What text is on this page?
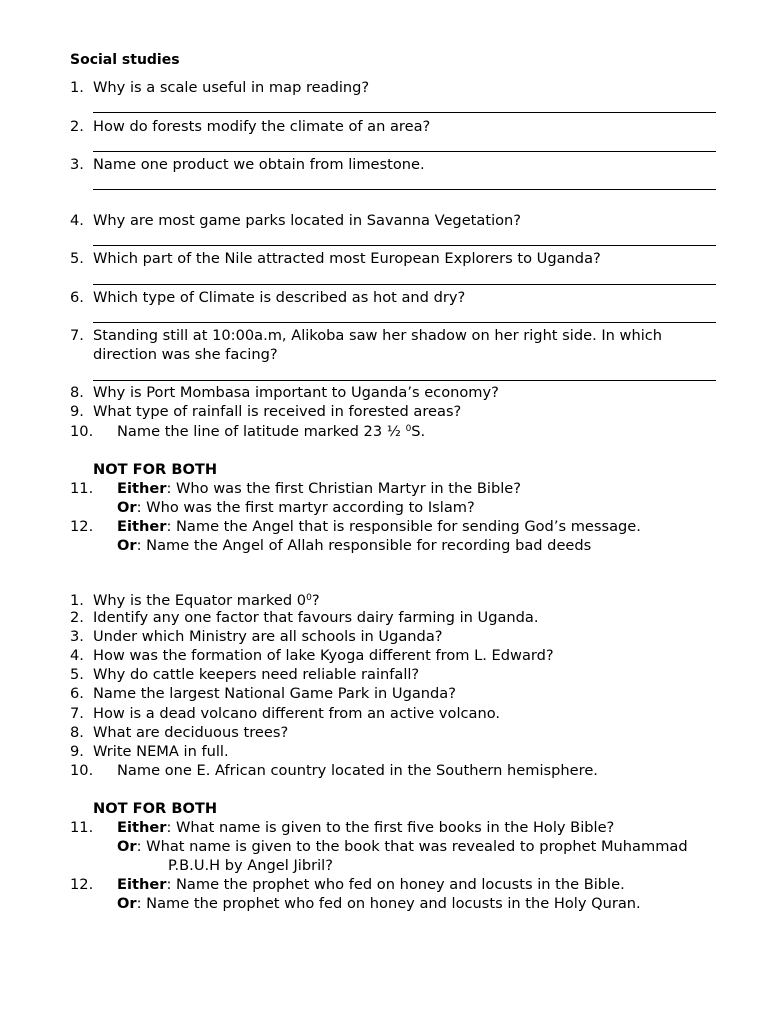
Social studies
1. Why is a scale useful in map reading?
2. How do forests modify the climate of an area?
3. Name one product we obtain from limestone.
4. Why are most game parks located in Savanna Vegetation?
5. Which part of the Nile attracted most European Explorers to Uganda?
6. Which type of Climate is described as hot and dry?
7. Standing still at 10:00a.m, Alikoba saw her shadow on her right side. In which
direction was she facing?
8. Why is Port Mombasa important to Uganda’s economy?
9. What type of rainfall is received in forested areas?
10. Name the line of latitude marked 23 ½ $^0$S.
NOT FOR BOTH
11. Either: Who was the first Christian Martyr in the Bible?
Or: Who was the first martyr according to Islam?
12. Either: Name the Angel that is responsible for sending God’s message.
Or: Name the Angel of Allah responsible for recording bad deeds
1. Why is the Equator marked $0^0$?
2. Identify any one factor that favours dairy farming in Uganda.
3. Under which Ministry are all schools in Uganda?
4. How was the formation of lake Kyoga different from L. Edward?
5. Why do cattle keepers need reliable rainfall?
6. Name the largest National Game Park in Uganda?
7. How is a dead volcano different from an active volcano.
8. What are deciduous trees?
9. Write NEMA in full.
10. Name one E. African country located in the Southern hemisphere.
NOT FOR BOTH
11. Either: What name is given to the first five books in the Holy Bible?
Or: What name is given to the book that was revealed to prophet Muhammad
P.B.U.H by Angel Jibril?
12. Either: Name the prophet who fed on honey and locusts in the Bible.
Or: Name the prophet who fed on honey and locusts in the Holy Quran.
